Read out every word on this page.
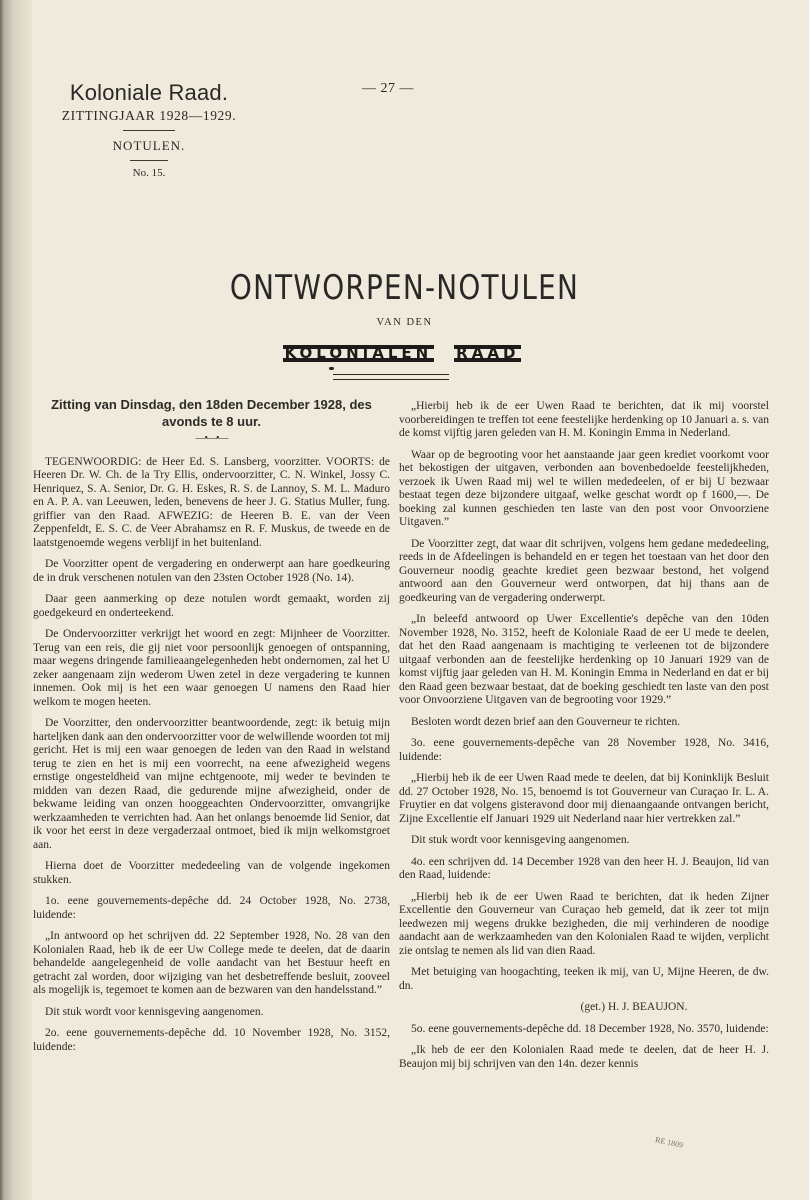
Koloniale Raad.
ZITTINGJAAR 1928—1929.
NOTULEN.
No. 15.
— 27 —
ONTWORPEN-NOTULEN
VAN DEN
KOLONIALEN RAAD

Zitting van Dinsdag, den 18den December 1928, des avonds te 8 uur.

—•—•—

TEGENWOORDIG: de Heer Ed. S. Lansberg, voorzitter. VOORTS: de Heeren Dr. W. Ch. de la Try Ellis, ondervoorzitter, C. N. Winkel, Jossy C. Henriquez, S. A. Senior, Dr. G. H. Eskes, R. S. de Lannoy, S. M. L. Maduro en A. P. A. van Leeuwen, leden, benevens de heer J. G. Statius Muller, fung. griffier van den Raad. AFWEZIG: de Heeren B. E. van der Veen Zeppenfeldt, E. S. C. de Veer Abrahamsz en R. F. Muskus, de tweede en de laatstgenoemde wegens verblijf in het buitenland.

De Voorzitter opent de vergadering en onderwerpt aan hare goedkeuring de in druk verschenen notulen van den 23sten October 1928 (No. 14).

Daar geen aanmerking op deze notulen wordt gemaakt, worden zij goedgekeurd en onderteekend.

De Ondervoorzitter verkrijgt het woord en zegt: Mijnheer de Voorzitter. Terug van een reis, die gij niet voor persoonlijk genoegen of ontspanning, maar wegens dringende familieaangelegenheden hebt ondernomen, zal het U zeker aangenaam zijn wederom Uwen zetel in deze vergadering te kunnen innemen. Ook mij is het een waar genoegen U namens den Raad hier welkom te mogen heeten.

De Voorzitter, den ondervoorzitter beantwoordende, zegt: ik betuig mijn harteljken dank aan den ondervoorzitter voor de welwillende woorden tot mij gericht. Het is mij een waar genoegen de leden van den Raad in welstand terug te zien en het is mij een voorrecht, na eene afwezigheid wegens ernstige ongesteldheid van mijne echtgenoote, mij weder te bevinden te midden van dezen Raad, die gedurende mijne afwezigheid, onder de bekwame leiding van onzen hooggeachten Ondervoorzitter, omvangrijke werkzaamheden te verrichten had. Aan het onlangs benoemde lid Senior, dat ik voor het eerst in deze vergaderzaal ontmoet, bied ik mijn welkomstgroet aan.

Hierna doet de Voorzitter mededeeling van de volgende ingekomen stukken.

1o. eene gouvernements-depêche dd. 24 October 1928, No. 2738, luidende:

„In antwoord op het schrijven dd. 22 September 1928, No. 28 van den Kolonialen Raad, heb ik de eer Uw College mede te deelen, dat de daarin behandelde aangelegenheid de volle aandacht van het Bestuur heeft en getracht zal worden, door wijziging van het desbetreffende besluit, zooveel als mogelijk is, tegemoet te komen aan de bezwaren van den handelsstand.”

Dit stuk wordt voor kennisgeving aangenomen.

2o. eene gouvernements-depêche dd. 10 November 1928, No. 3152, luidende:

„Hierbij heb ik de eer Uwen Raad te berichten, dat ik mij voorstel voorbereidingen te treffen tot eene feestelijke herdenking op 10 Januari a. s. van de komst vijftig jaren geleden van H. M. Koningin Emma in Nederland.

Waar op de begrooting voor het aanstaande jaar geen krediet voorkomt voor het bekostigen der uitgaven, verbonden aan bovenbedoelde feestelijkheden, verzoek ik Uwen Raad mij wel te willen mededeelen, of er bij U bezwaar bestaat tegen deze bijzondere uitgaaf, welke geschat wordt op f 1600,—. De boeking zal kunnen geschieden ten laste van den post voor Onvoorziene Uitgaven.”

De Voorzitter zegt, dat waar dit schrijven, volgens hem gedane mededeeling, reeds in de Afdeelingen is behandeld en er tegen het toestaan van het door den Gouverneur noodig geachte krediet geen bezwaar bestond, het volgend antwoord aan den Gouverneur werd ontworpen, dat hij thans aan de goedkeuring van de vergadering onderwerpt.

„In beleefd antwoord op Uwer Excellentie's depêche van den 10den November 1928, No. 3152, heeft de Koloniale Raad de eer U mede te deelen, dat het den Raad aangenaam is machtiging te verleenen tot de bijzondere uitgaaf verbonden aan de feestelijke herdenking op 10 Januari 1929 van de komst vijftig jaar geleden van H. M. Koningin Emma in Nederland en dat er bij den Raad geen bezwaar bestaat, dat de boeking geschiedt ten laste van den post voor Onvoorziene Uitgaven van de begrooting voor 1929.”

Besloten wordt dezen brief aan den Gouverneur te richten.

3o. eene gouvernements-depêche van 28 November 1928, No. 3416, luidende:

„Hierbij heb ik de eer Uwen Raad mede te deelen, dat bij Koninklijk Besluit dd. 27 October 1928, No. 15, benoemd is tot Gouverneur van Curaçao Ir. L. A. Fruytier en dat volgens gisteravond door mij dienaangaande ontvangen bericht, Zijne Excellentie elf Januari 1929 uit Nederland naar hier vertrekken zal.”

Dit stuk wordt voor kennisgeving aangenomen.

4o. een schrijven dd. 14 December 1928 van den heer H. J. Beaujon, lid van den Raad, luidende:

„Hierbij heb ik de eer Uwen Raad te berichten, dat ik heden Zijner Excellentie den Gouverneur van Curaçao heb gemeld, dat ik zeer tot mijn leedwezen mij wegens drukke bezigheden, die mij verhinderen de noodige aandacht aan de werkzaamheden van den Kolonialen Raad te wijden, verplicht zie ontslag te nemen als lid van dien Raad.

Met betuiging van hoogachting, teeken ik mij, van U, Mijne Heeren, de dw. dn.

(get.) H. J. BEAUJON.

5o. eene gouvernements-depêche dd. 18 December 1928, No. 3570, luidende:

„Ik heb de eer den Kolonialen Raad mede te deelen, dat de heer H. J. Beaujon mij bij schrijven van den 14n. dezer kennis

RE 1809
